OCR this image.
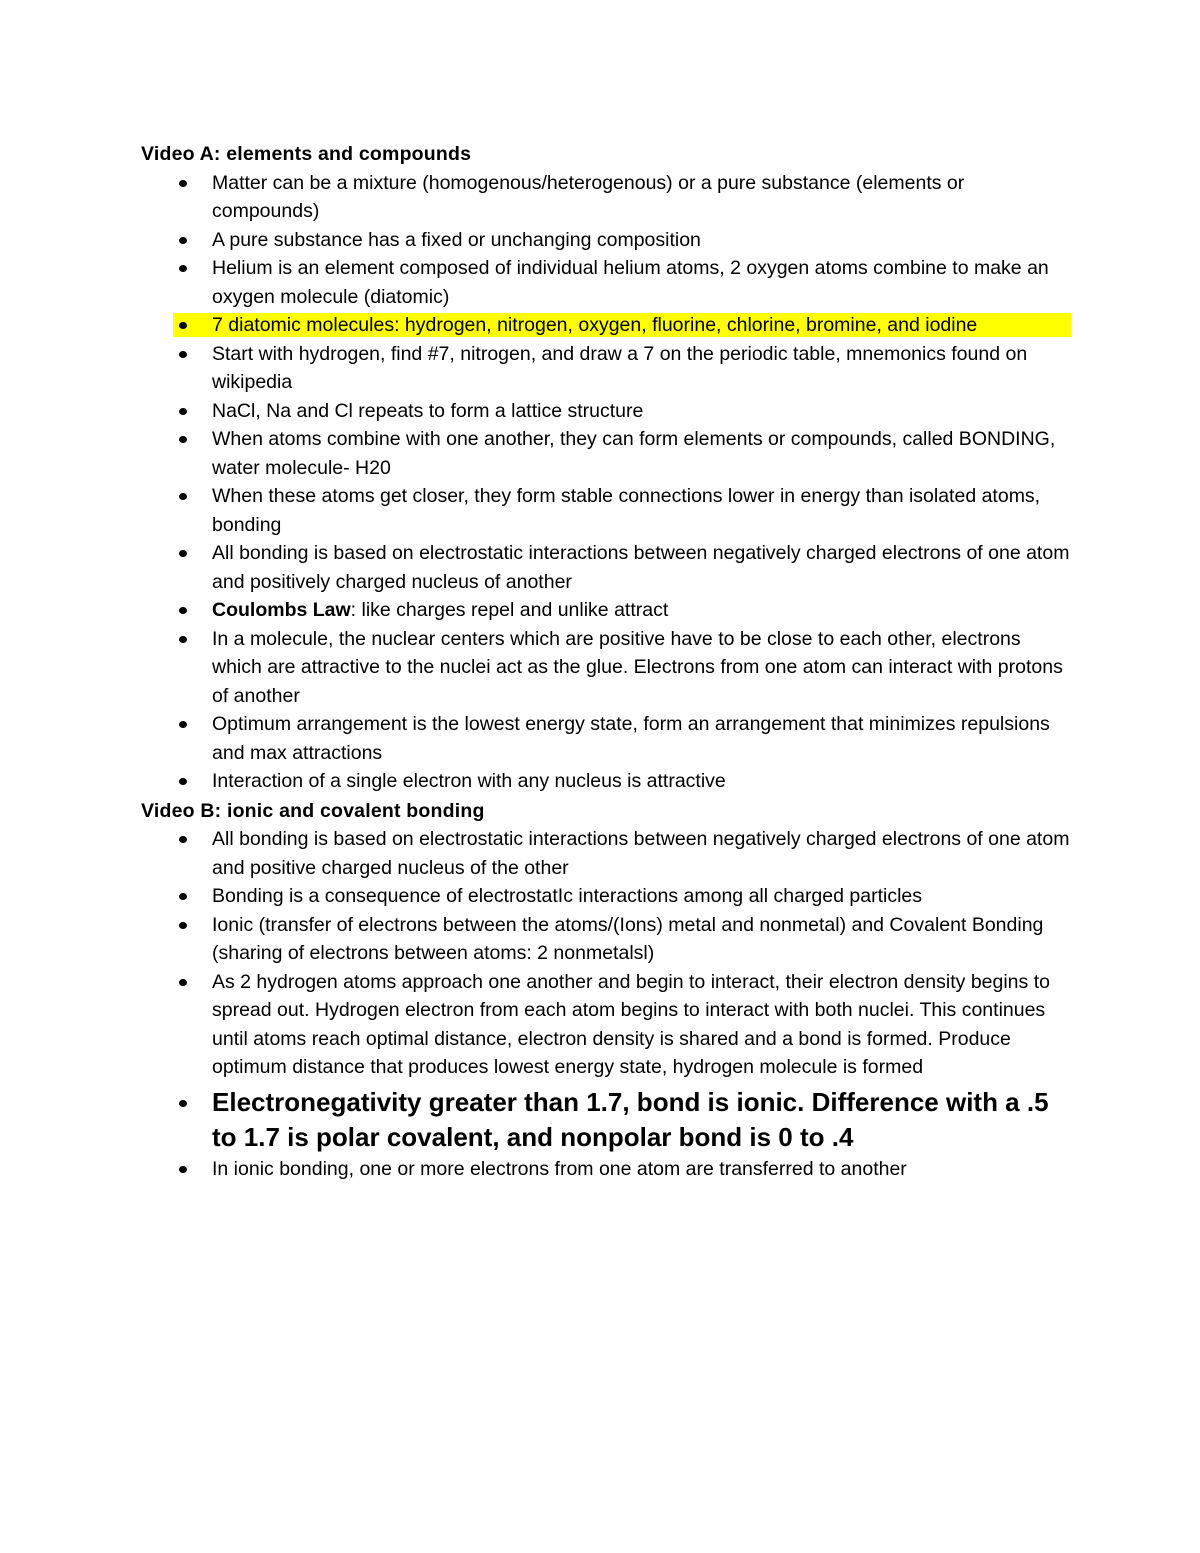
Video A: elements and compounds

Matter can be a mixture (homogenous/heterogenous) or a pure substance (elements or compounds)
A pure substance has a fixed or unchanging composition
Helium is an element composed of individual helium atoms, 2 oxygen atoms combine to make an oxygen molecule (diatomic)
7 diatomic molecules: hydrogen, nitrogen, oxygen, fluorine, chlorine, bromine, and iodine
Start with hydrogen, find #7, nitrogen, and draw a 7 on the periodic table, mnemonics found on wikipedia
NaCl, Na and Cl repeats to form a lattice structure
When atoms combine with one another, they can form elements or compounds, called BONDING, water molecule- H20
When these atoms get closer, they form stable connections lower in energy than isolated atoms, bonding
All bonding is based on electrostatic interactions between negatively charged electrons of one atom and positively charged nucleus of another
Coulombs Law: like charges repel and unlike attract
In a molecule, the nuclear centers which are positive have to be close to each other, electrons which are attractive to the nuclei act as the glue. Electrons from one atom can interact with protons of another
Optimum arrangement is the lowest energy state, form an arrangement that minimizes repulsions and max attractions
Interaction of a single electron with any nucleus is attractive

Video B: ionic and covalent bonding

All bonding is based on electrostatic interactions between negatively charged electrons of one atom and positive charged nucleus of the other
Bonding is a consequence of electrostatIc interactions among all charged particles
Ionic (transfer of electrons between the atoms/(Ions) metal and nonmetal) and Covalent Bonding (sharing of electrons between atoms: 2 nonmetalsl)
As 2 hydrogen atoms approach one another and begin to interact, their electron density begins to spread out. Hydrogen electron from each atom begins to interact with both nuclei. This continues until atoms reach optimal distance, electron density is shared and a bond is formed. Produce optimum distance that produces lowest energy state, hydrogen molecule is formed
Electronegativity greater than 1.7, bond is ionic. Difference with a .5 to 1.7 is polar covalent, and nonpolar bond is 0 to .4
In ionic bonding, one or more electrons from one atom are transferred to another
